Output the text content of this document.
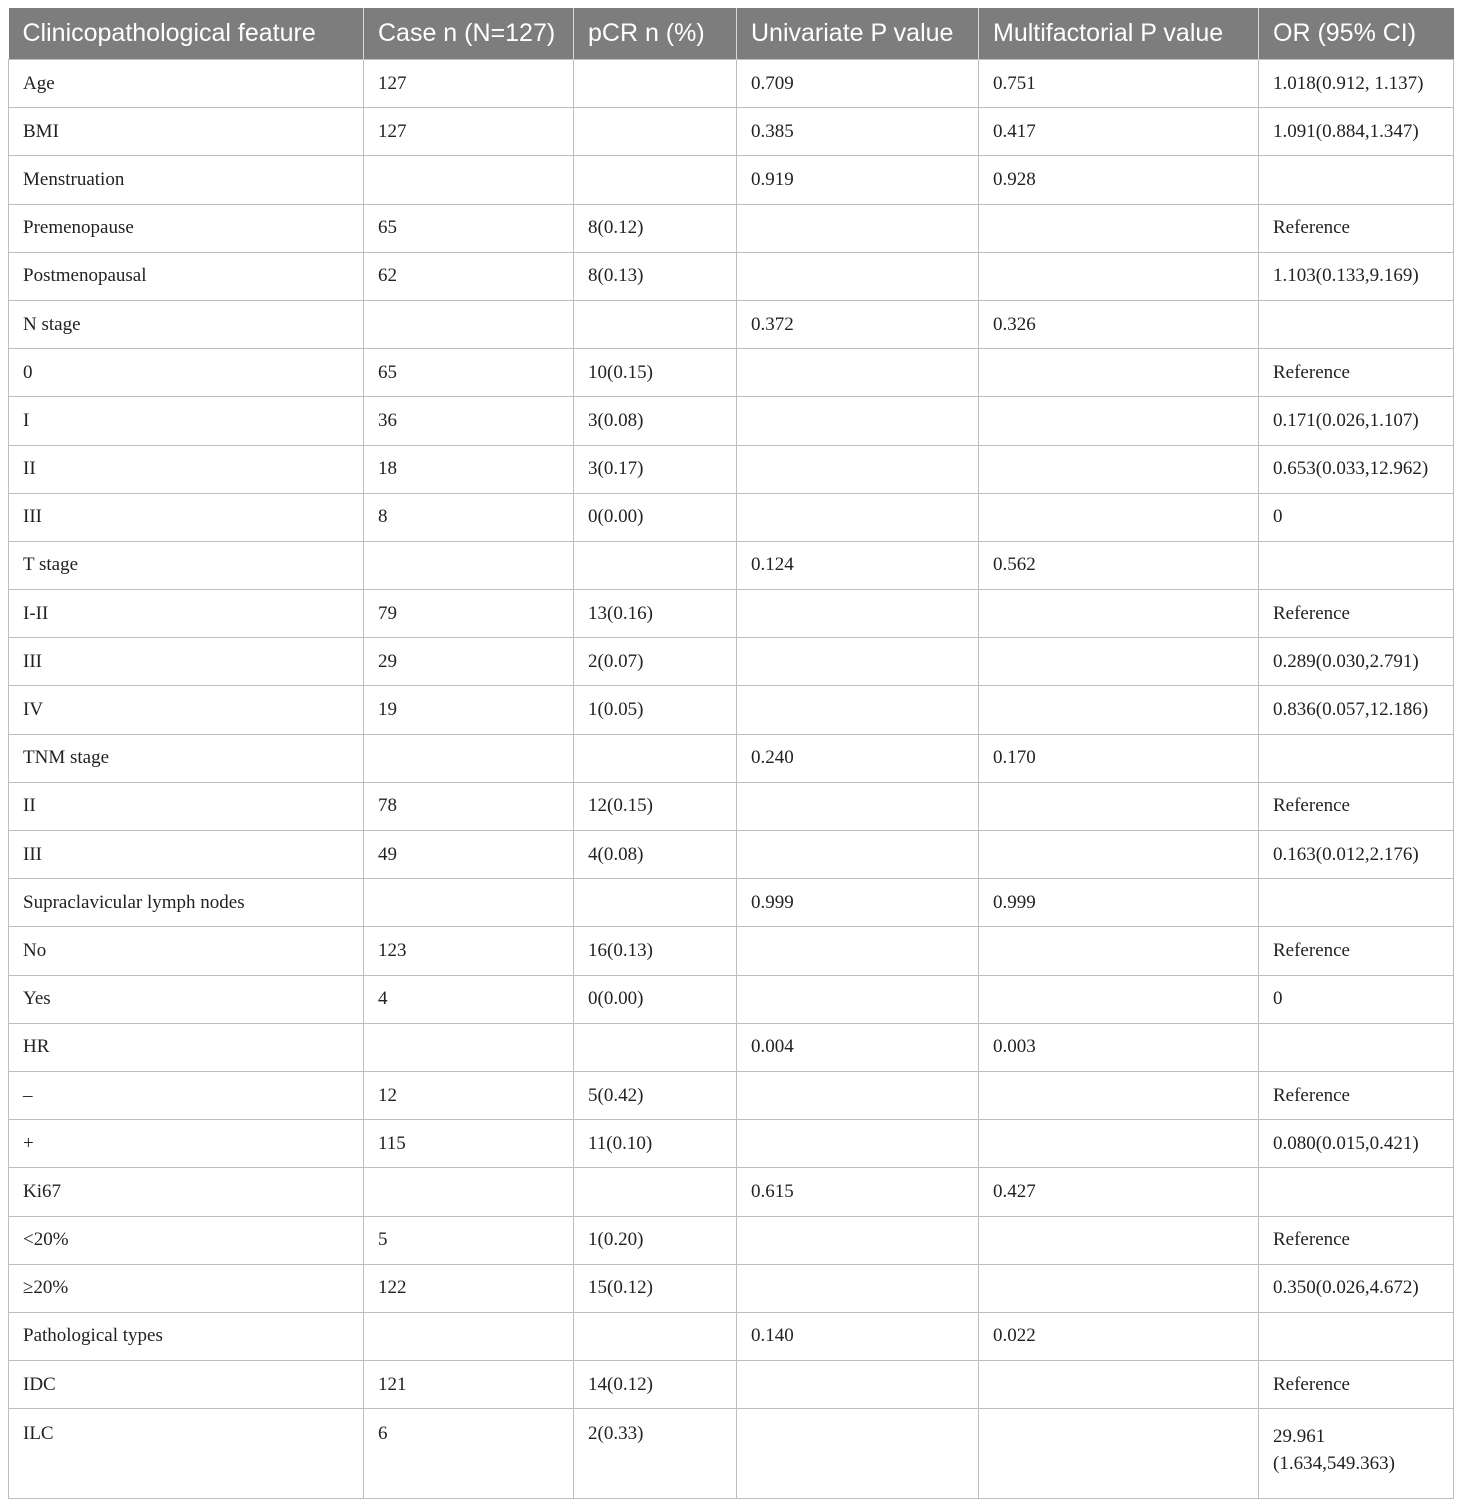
Clinicopathological feature	Case n (N=127)	pCR n (%)	Univariate P value	Multifactorial P value	OR (95% CI)
Age	127		0.709	0.751	1.018(0.912, 1.137)
BMI	127		0.385	0.417	1.091(0.884,1.347)
Menstruation			0.919	0.928	
Premenopause	65	8(0.12)			Reference
Postmenopausal	62	8(0.13)			1.103(0.133,9.169)
N stage			0.372	0.326	
0	65	10(0.15)			Reference
I	36	3(0.08)			0.171(0.026,1.107)
II	18	3(0.17)			0.653(0.033,12.962)
III	8	0(0.00)			0
T stage			0.124	0.562	
I-II	79	13(0.16)			Reference
III	29	2(0.07)			0.289(0.030,2.791)
IV	19	1(0.05)			0.836(0.057,12.186)
TNM stage			0.240	0.170	
II	78	12(0.15)			Reference
III	49	4(0.08)			0.163(0.012,2.176)
Supraclavicular lymph nodes			0.999	0.999	
No	123	16(0.13)			Reference
Yes	4	0(0.00)			0
HR			0.004	0.003	
–	12	5(0.42)			Reference
+	115	11(0.10)			0.080(0.015,0.421)
Ki67			0.615	0.427	
<20%	5	1(0.20)			Reference
≥20%	122	15(0.12)			0.350(0.026,4.672)
Pathological types			0.140	0.022	
IDC	121	14(0.12)			Reference
ILC	6	2(0.33)			29.961 (1.634,549.363)
